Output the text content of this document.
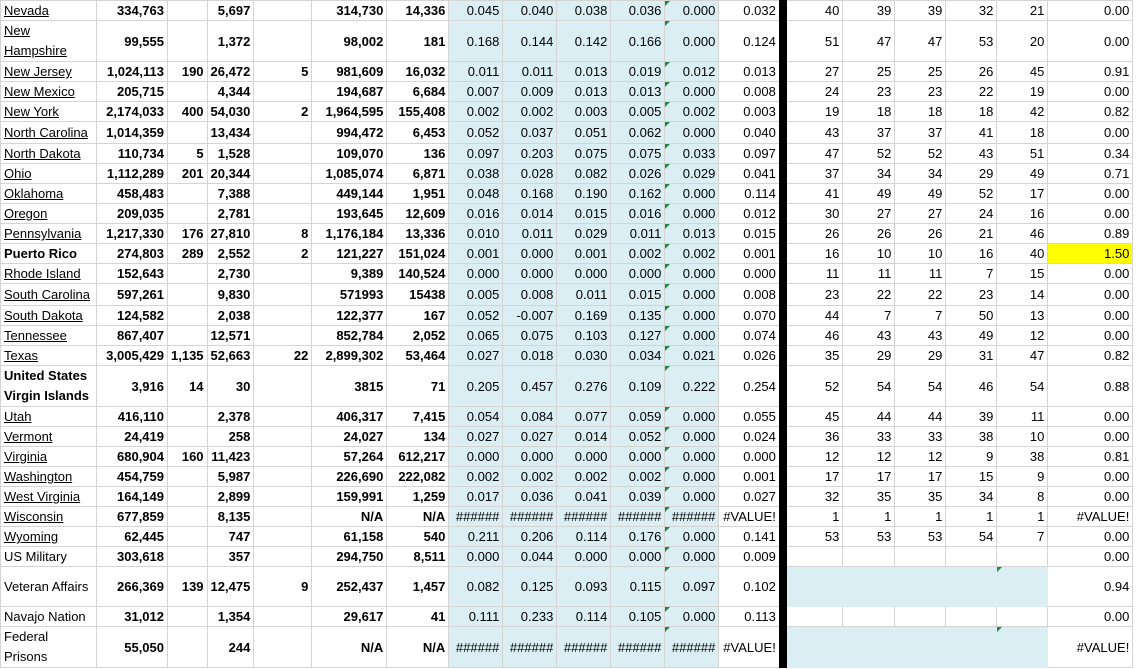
Nevada	334,763		5,697		314,730	14,336	0.045	0.040	0.038	0.036	0.000	0.032	40	39	39	32	21	0.00
New Hampshire	99,555		1,372		98,002	181	0.168	0.144	0.142	0.166	0.000	0.124	51	47	47	53	20	0.00
New Jersey	1,024,113	190	26,472	5	981,609	16,032	0.011	0.011	0.013	0.019	0.012	0.013	27	25	25	26	45	0.91
New Mexico	205,715		4,344		194,687	6,684	0.007	0.009	0.013	0.013	0.000	0.008	24	23	23	22	19	0.00
New York	2,174,033	400	54,030	2	1,964,595	155,408	0.002	0.002	0.003	0.005	0.002	0.003	19	18	18	18	42	0.82
North Carolina	1,014,359		13,434		994,472	6,453	0.052	0.037	0.051	0.062	0.000	0.040	43	37	37	41	18	0.00
North Dakota	110,734	5	1,528		109,070	136	0.097	0.203	0.075	0.075	0.033	0.097	47	52	52	43	51	0.34
Ohio	1,112,289	201	20,344		1,085,074	6,871	0.038	0.028	0.082	0.026	0.029	0.041	37	34	34	29	49	0.71
Oklahoma	458,483		7,388		449,144	1,951	0.048	0.168	0.190	0.162	0.000	0.114	41	49	49	52	17	0.00
Oregon	209,035		2,781		193,645	12,609	0.016	0.014	0.015	0.016	0.000	0.012	30	27	27	24	16	0.00
Pennsylvania	1,217,330	176	27,810	8	1,176,184	13,336	0.010	0.011	0.029	0.011	0.013	0.015	26	26	26	21	46	0.89
Puerto Rico	274,803	289	2,552	2	121,227	151,024	0.001	0.000	0.001	0.002	0.002	0.001	16	10	10	16	40	1.50
Rhode Island	152,643		2,730		9,389	140,524	0.000	0.000	0.000	0.000	0.000	0.000	11	11	11	7	15	0.00
South Carolina	597,261		9,830		571993	15438	0.005	0.008	0.011	0.015	0.000	0.008	23	22	22	23	14	0.00
South Dakota	124,582		2,038		122,377	167	0.052	-0.007	0.169	0.135	0.000	0.070	44	7	7	50	13	0.00
Tennessee	867,407		12,571		852,784	2,052	0.065	0.075	0.103	0.127	0.000	0.074	46	43	43	49	12	0.00
Texas	3,005,429	1,135	52,663	22	2,899,302	53,464	0.027	0.018	0.030	0.034	0.021	0.026	35	29	29	31	47	0.82
United States Virgin Islands	3,916	14	30		3815	71	0.205	0.457	0.276	0.109	0.222	0.254	52	54	54	46	54	0.88
Utah	416,110		2,378		406,317	7,415	0.054	0.084	0.077	0.059	0.000	0.055	45	44	44	39	11	0.00
Vermont	24,419		258		24,027	134	0.027	0.027	0.014	0.052	0.000	0.024	36	33	33	38	10	0.00
Virginia	680,904	160	11,423		57,264	612,217	0.000	0.000	0.000	0.000	0.000	0.000	12	12	12	9	38	0.81
Washington	454,759		5,987		226,690	222,082	0.002	0.002	0.002	0.002	0.000	0.001	17	17	17	15	9	0.00
West Virginia	164,149		2,899		159,991	1,259	0.017	0.036	0.041	0.039	0.000	0.027	32	35	35	34	8	0.00
Wisconsin	677,859		8,135		N/A	N/A	######	######	######	######	######	#VALUE!	1	1	1	1	1	#VALUE!
Wyoming	62,445		747		61,158	540	0.211	0.206	0.114	0.176	0.000	0.141	53	53	53	54	7	0.00
US Military	303,618		357		294,750	8,511	0.000	0.044	0.000	0.000	0.000	0.009						0.00
Veteran Affairs	266,369	139	12,475	9	252,437	1,457	0.082	0.125	0.093	0.115	0.097	0.102						0.94
Navajo Nation	31,012		1,354		29,617	41	0.111	0.233	0.114	0.105	0.000	0.113						0.00
Federal Prisons	55,050		244		N/A	N/A	######	######	######	######	######	#VALUE!						#VALUE!
